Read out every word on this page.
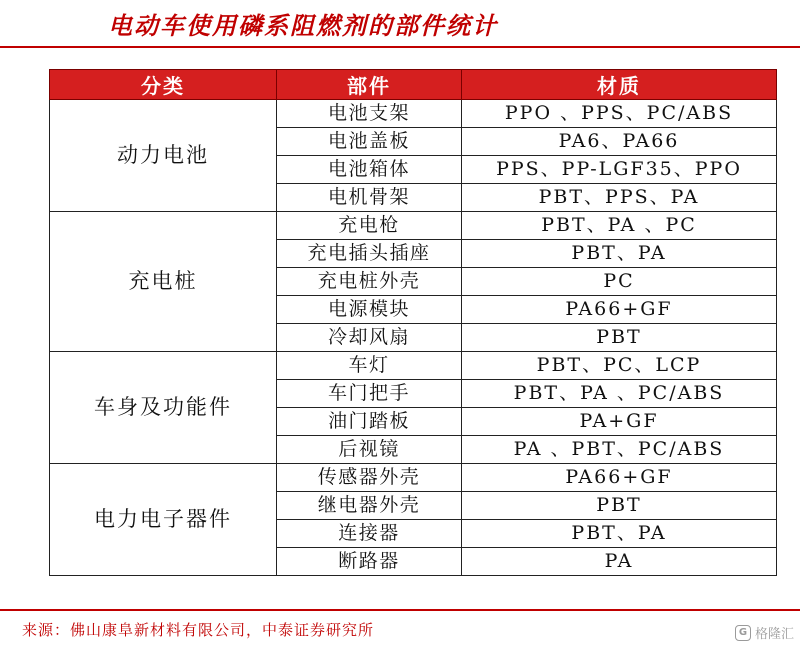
电动车使用磷系阻燃剂的部件统计
分类	部件	材质
动力电池	电池支架	PPO 、PPS、PC/ABS
	电池盖板	PA6、PA66
	电池箱体	PPS、PP-LGF35、PPO
	电机骨架	PBT、PPS、PA
充电桩	充电枪	PBT、PA 、PC
	充电插头插座	PBT、PA
	充电桩外壳	PC
	电源模块	PA66+GF
	冷却风扇	PBT
车身及功能件	车灯	PBT、PC、LCP
	车门把手	PBT、PA 、PC/ABS
	油门踏板	PA+GF
	后视镜	PA 、PBT、PC/ABS
电力电子器件	传感器外壳	PA66+GF
	继电器外壳	PBT
	连接器	PBT、PA
	断路器	PA
来源：佛山康阜新材料有限公司，中泰证券研究所	G 格隆汇
